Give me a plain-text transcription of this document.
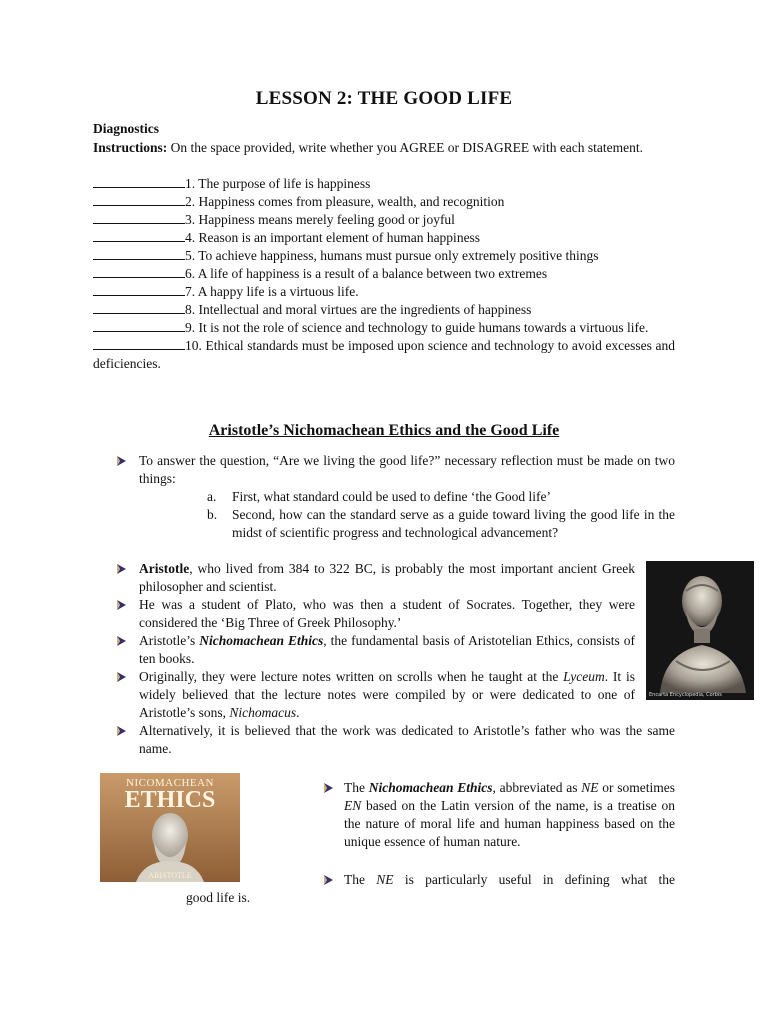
LESSON 2: THE GOOD LIFE
Diagnostics
Instructions: On the space provided, write whether you AGREE or DISAGREE with each statement.
1. The purpose of life is happiness
2. Happiness comes from pleasure, wealth, and recognition
3. Happiness means merely feeling good or joyful
4. Reason is an important element of human happiness
5. To achieve happiness, humans must pursue only extremely positive things
6. A life of happiness is a result of a balance between two extremes
7. A happy life is a virtuous life.
8. Intellectual and moral virtues are the ingredients of happiness
9. It is not the role of science and technology to guide humans towards a virtuous life.
10. Ethical standards must be imposed upon science and technology to avoid excesses and deficiencies.
Aristotle’s Nichomachean Ethics and the Good Life
To answer the question, “Are we living the good life?” necessary reflection must be made on two things:
a. First, what standard could be used to define ‘the Good life’
b. Second, how can the standard serve as a guide toward living the good life in the midst of scientific progress and technological advancement?
Aristotle, who lived from 384 to 322 BC, is probably the most important ancient Greek philosopher and scientist.
He was a student of Plato, who was then a student of Socrates. Together, they were considered the ‘Big Three of Greek Philosophy.’
Aristotle’s Nichomachean Ethics, the fundamental basis of Aristotelian Ethics, consists of ten books.
Originally, they were lecture notes written on scrolls when he taught at the Lyceum. It is widely believed that the lecture notes were compiled by or were dedicated to one of Aristotle’s sons, Nichomacus.
Alternatively, it is believed that the work was dedicated to Aristotle’s father who was the same name.
Encarta Encyclopedia, Corbis
NICOMACHEAN
ETHICS
ARISTOTLE
The Nichomachean Ethics, abbreviated as NE or sometimes EN based on the Latin version of the name, is a treatise on the nature of moral life and human happiness based on the unique essence of human nature.
The NE is particularly useful in defining what the
good life is.
